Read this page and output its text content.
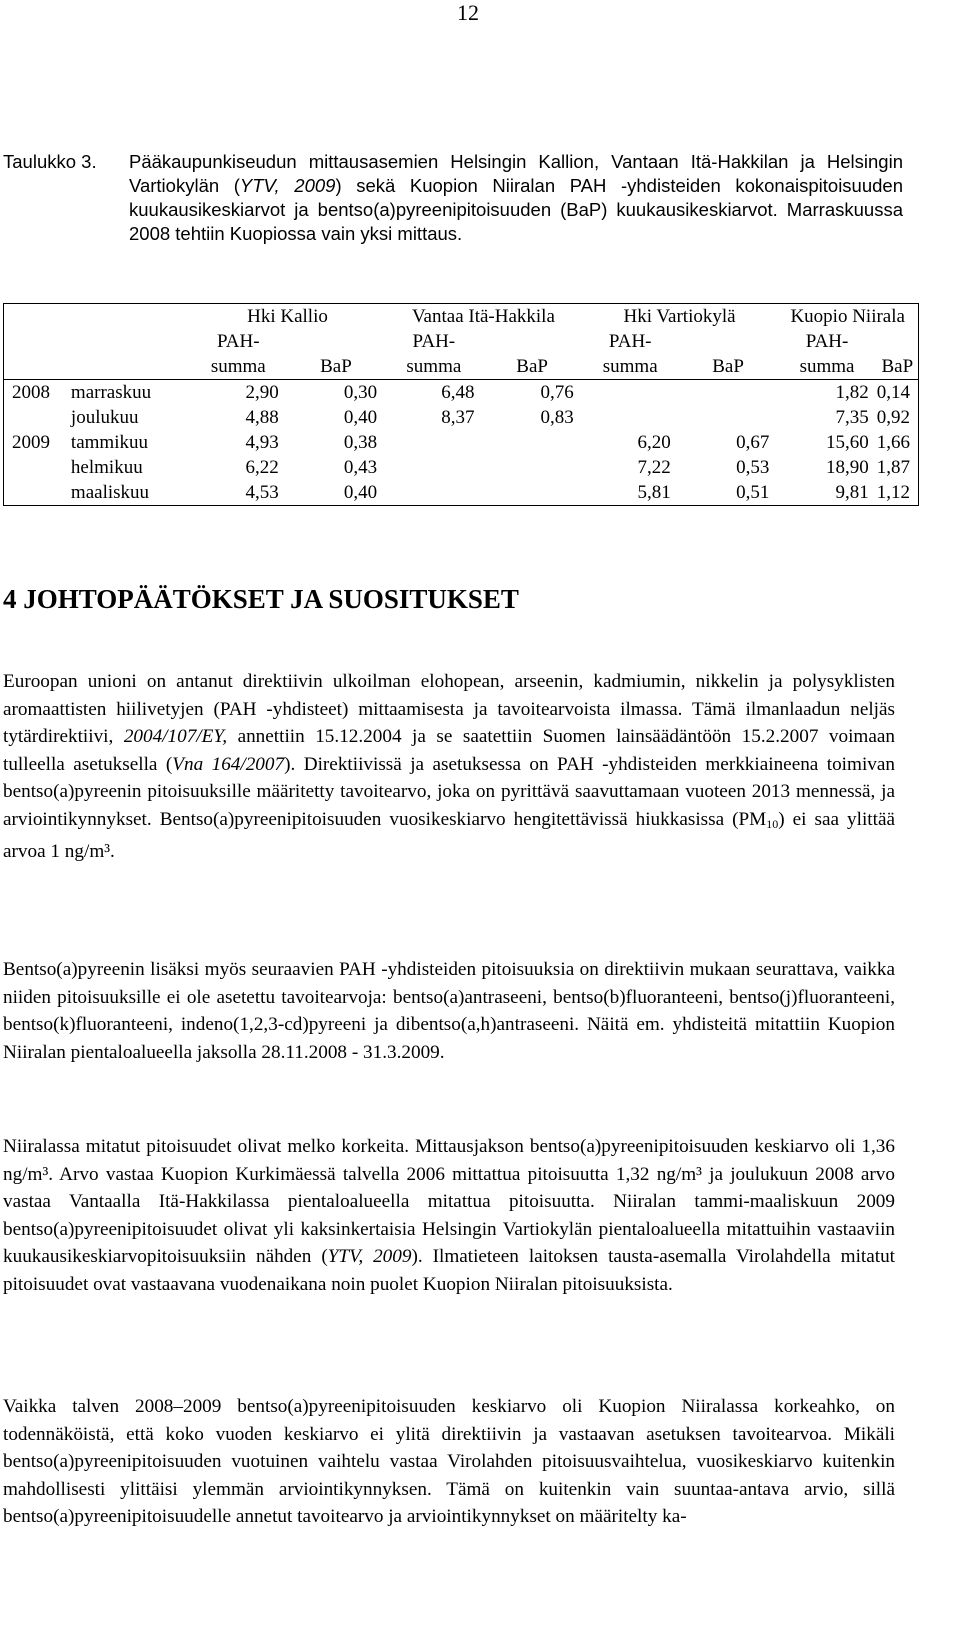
12
Taulukko 3.	Pääkaupunkiseudun mittausasemien Helsingin Kallion, Vantaan Itä-Hakkilan ja Helsingin Vartiokylän (YTV, 2009) sekä Kuopion Niiralan PAH -yhdisteiden kokonaispitoisuuden kuukausikeskiarvot ja bentso(a)pyreenipitoisuuden (BaP) kuukausikeskiarvot. Marraskuussa 2008 tehtiin Kuopiossa vain yksi mittaus.
		Hki Kallio		Vantaa Itä-Hakkila		Hki Vartiokylä		Kuopio Niirala	
		PAH-		PAH-		PAH-		PAH-	
		summa	BaP	summa	BaP	summa	BaP	summa	BaP
2008	marraskuu	2,90	0,30	6,48	0,76			1,82	0,14
	joulukuu	4,88	0,40	8,37	0,83			7,35	0,92
2009	tammikuu	4,93	0,38			6,20	0,67	15,60	1,66
	helmikuu	6,22	0,43			7,22	0,53	18,90	1,87
	maaliskuu	4,53	0,40			5,81	0,51	9,81	1,12
4 JOHTOPÄÄTÖKSET JA SUOSITUKSET

Euroopan unioni on antanut direktiivin ulkoilman elohopean, arseenin, kadmiumin, nikkelin ja polysyklisten aromaattisten hiilivetyjen (PAH -yhdisteet) mittaamisesta ja tavoitearvoista ilmassa. Tämä ilmanlaadun neljäs tytärdirektiivi, 2004/107/EY, annettiin 15.12.2004 ja se saatettiin Suomen lainsäädäntöön 15.2.2007 voimaan tulleella asetuksella (Vna 164/2007). Direktiivissä ja asetuksessa on PAH -yhdisteiden merkkiaineena toimivan bentso(a)pyreenin pitoisuuksille määritetty tavoitearvo, joka on pyrittävä saavuttamaan vuoteen 2013 mennessä, ja arviointikynnykset. Bentso(a)pyreenipitoisuuden vuosikeskiarvo hengitettävissä hiukkasissa $(PM_{10})$ ei saa ylittää arvoa 1 ng/m³.

Bentso(a)pyreenin lisäksi myös seuraavien PAH -yhdisteiden pitoisuuksia on direktiivin mukaan seurattava, vaikka niiden pitoisuuksille ei ole asetettu tavoitearvoja: bentso(a)antraseeni, bentso(b)fluoranteeni, bentso(j)fluoranteeni, bentso(k)fluoranteeni, indeno(1,2,3-cd)pyreeni ja dibentso(a,h)antraseeni. Näitä em. yhdisteitä mitattiin Kuopion Niiralan pientaloalueella jaksolla 28.11.2008 - 31.3.2009.

Niiralassa mitatut pitoisuudet olivat melko korkeita. Mittausjakson bentso(a)pyreenipitoisuuden keskiarvo oli 1,36 ng/m³. Arvo vastaa Kuopion Kurkimäessä talvella 2006 mittattua pitoisuutta 1,32 ng/m³ ja joulukuun 2008 arvo vastaa Vantaalla Itä-Hakkilassa pientaloalueella mitattua pitoisuutta. Niiralan tammi-maaliskuun 2009 bentso(a)pyreenipitoisuudet olivat yli kaksinkertaisia Helsingin Vartiokylän pientaloalueella mitattuihin vastaaviin kuukausikeskiarvopitoisuuksiin nähden (YTV, 2009). Ilmatieteen laitoksen tausta-asemalla Virolahdella mitatut pitoisuudet ovat vastaavana vuodenaikana noin puolet Kuopion Niiralan pitoisuuksista.

Vaikka talven 2008–2009 bentso(a)pyreenipitoisuuden keskiarvo oli Kuopion Niiralassa korkeahko, on todennäköistä, että koko vuoden keskiarvo ei ylitä direktiivin ja vastaavan asetuksen tavoitearvoa. Mikäli bentso(a)pyreenipitoisuuden vuotuinen vaihtelu vastaa Virolahden pitoisuusvaihtelua, vuosikeskiarvo kuitenkin mahdollisesti ylittäisi ylemmän arviointikynnyksen. Tämä on kuitenkin vain suuntaa-antava arvio, sillä bentso(a)pyreenipitoisuudelle annetut tavoitearvo ja arviointikynnykset on määritelty ka-
